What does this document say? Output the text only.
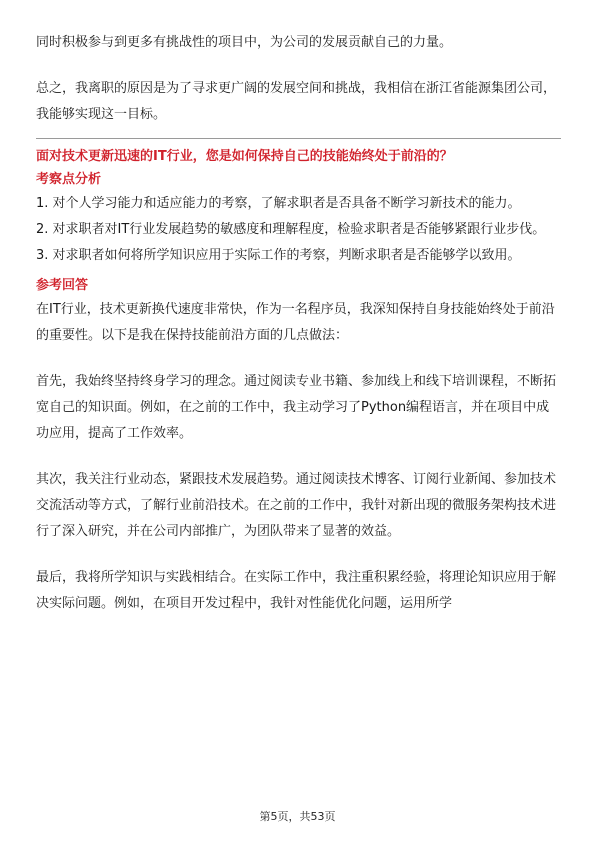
同时积极参与到更多有挑战性的项目中，为公司的发展贡献自己的力量。

总之，我离职的原因是为了寻求更广阔的发展空间和挑战，我相信在浙江省能源集团公司，我能够实现这一目标。

面对技术更新迅速的IT行业，您是如何保持自己的技能始终处于前沿的？

考察点分析

1. 对个人学习能力和适应能力的考察，了解求职者是否具备不断学习新技术的能力。

2. 对求职者对IT行业发展趋势的敏感度和理解程度，检验求职者是否能够紧跟行业步伐。

3. 对求职者如何将所学知识应用于实际工作的考察，判断求职者是否能够学以致用。

参考回答

在IT行业，技术更新换代速度非常快，作为一名程序员，我深知保持自身技能始终处于前沿的重要性。以下是我在保持技能前沿方面的几点做法：

首先，我始终坚持终身学习的理念。通过阅读专业书籍、参加线上和线下培训课程，不断拓宽自己的知识面。例如，在之前的工作中，我主动学习了Python编程语言，并在项目中成功应用，提高了工作效率。

其次，我关注行业动态，紧跟技术发展趋势。通过阅读技术博客、订阅行业新闻、参加技术交流活动等方式，了解行业前沿技术。在之前的工作中，我针对新出现的微服务架构技术进行了深入研究，并在公司内部推广，为团队带来了显著的效益。

最后，我将所学知识与实践相结合。在实际工作中，我注重积累经验，将理论知识应用于解决实际问题。例如，在项目开发过程中，我针对性能优化问题，运用所学

第5页，共53页
